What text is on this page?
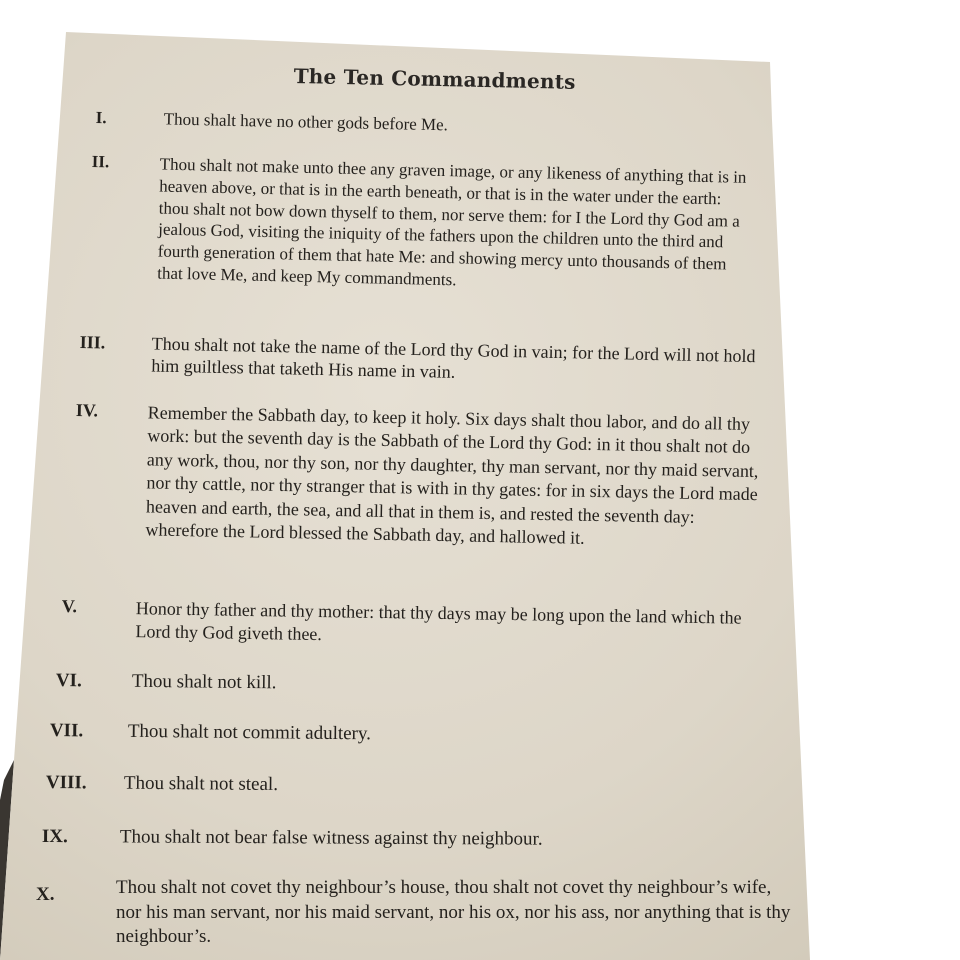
The Ten Commandments
I.	Thou shalt have no other gods before Me.
II.	Thou shalt not make unto thee any graven image, or any likeness of anything that is in heaven above, or that is in the earth beneath, or that is in the water under the earth: thou shalt not bow down thyself to them, nor serve them: for I the Lord thy God am a jealous God, visiting the iniquity of the fathers upon the children unto the third and fourth generation of them that hate Me: and showing mercy unto thousands of them that love Me, and keep My commandments.
III.	Thou shalt not take the name of the Lord thy God in vain; for the Lord will not hold him guiltless that taketh His name in vain.
IV.	Remember the Sabbath day, to keep it holy. Six days shalt thou labor, and do all thy work: but the seventh day is the Sabbath of the Lord thy God: in it thou shalt not do any work, thou, nor thy son, nor thy daughter, thy man servant, nor thy maid servant, nor thy cattle, nor thy stranger that is with in thy gates: for in six days the Lord made heaven and earth, the sea, and all that in them is, and rested the seventh day: wherefore the Lord blessed the Sabbath day, and hallowed it.
V.	Honor thy father and thy mother: that thy days may be long upon the land which the Lord thy God giveth thee.
VI.	Thou shalt not kill.
VII. Thou shalt not commit adultery.
VIII. Thou shalt not steal.
IX.	Thou shalt not bear false witness against thy neighbour.
X.	Thou shalt not covet thy neighbour’s house, thou shalt not covet thy neighbour’s wife, nor his man servant, nor his maid servant, nor his ox, nor his ass, nor anything that is thy neighbour’s.
